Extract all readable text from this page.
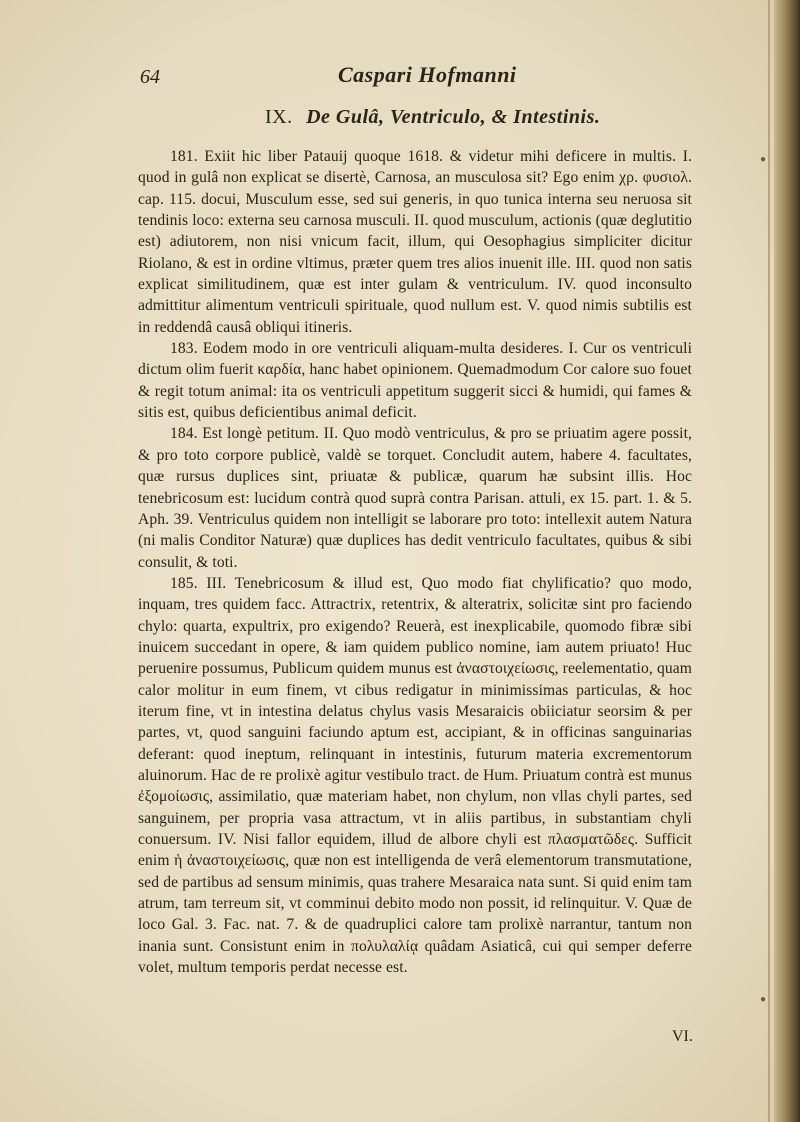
64	Caspari Hofmanni
IX. De Gulâ, Ventriculo, & Intestinis.

181. Exiit hic liber Patauij quoque 1618. & videtur mihi deficere in multis. I. quod in gulâ non explicat se disertè, Carnosa, an musculosa sit? Ego enim χρ. φυσιολ. cap. 115. docui, Musculum esse, sed sui generis, in quo tunica interna seu neruosa sit tendinis loco: externa seu carnosa musculi. II. quod musculum, actionis (quæ deglutitio est) adiutorem, non nisi vnicum facit, illum, qui Oesophagius simpliciter dicitur Riolano, & est in ordine vltimus, præter quem tres alios inuenit ille. III. quod non satis explicat similitudinem, quæ est inter gulam & ventriculum. IV. quod inconsulto admittitur alimentum ventriculi spirituale, quod nullum est. V. quod nimis subtilis est in reddendâ causâ obliqui itineris.

183. Eodem modo in ore ventriculi aliquam-multa desideres. I. Cur os ventriculi dictum olim fuerit καρδία, hanc habet opinionem. Quemadmodum Cor calore suo fouet & regit totum animal: ita os ventriculi appetitum suggerit sicci & humidi, qui fames & sitis est, quibus deficientibus animal deficit.

184. Est longè petitum. II. Quo modò ventriculus, & pro se priuatim agere possit, & pro toto corpore publicè, valdè se torquet. Concludit autem, habere 4. facultates, quæ rursus duplices sint, priuatæ & publicæ, quarum hæ subsint illis. Hoc tenebricosum est: lucidum contrà quod suprà contra Parisan. attuli, ex 15. part. 1. & 5. Aph. 39. Ventriculus quidem non intelligit se laborare pro toto: intellexit autem Natura (ni malis Conditor Naturæ) quæ duplices has dedit ventriculo facultates, quibus & sibi consulit, & toti.

185. III. Tenebricosum & illud est, Quo modo fiat chylificatio? quo modo, inquam, tres quidem facc. Attractrix, retentrix, & alteratrix, solicitæ sint pro faciendo chylo: quarta, expultrix, pro exigendo? Reuerà, est inexplicabile, quomodo fibræ sibi inuicem succedant in opere, & iam quidem publico nomine, iam autem priuato! Huc peruenire possumus, Publicum quidem munus est ἀναστοιχείωσις, reelementatio, quam calor molitur in eum finem, vt cibus redigatur in minimissimas particulas, & hoc iterum fine, vt in intestina delatus chylus vasis Mesaraicis obiiciatur seorsim & per partes, vt, quod sanguini faciundo aptum est, accipiant, & in officinas sanguinarias deferant: quod ineptum, relinquant in intestinis, futurum materia excrementorum aluinorum. Hac de re prolixè agitur vestibulo tract. de Hum. Priuatum contrà est munus ἐξομοίωσις, assimilatio, quæ materiam habet, non chylum, non vllas chyli partes, sed sanguinem, per propria vasa attractum, vt in aliis partibus, in substantiam chyli conuersum. IV. Nisi fallor equidem, illud de albore chyli est πλασματῶδες. Sufficit enim ἡ ἀναστοιχείωσις, quæ non est intelligenda de verâ elementorum transmutatione, sed de partibus ad sensum minimis, quas trahere Mesaraica nata sunt. Si quid enim tam atrum, tam terreum sit, vt comminui debito modo non possit, id relinquitur. V. Quæ de loco Gal. 3. Fac. nat. 7. & de quadruplici calore tam prolixè narrantur, tantum non inania sunt. Consistunt enim in πολυλαλίᾳ quâdam Asiaticâ, cui qui semper deferre volet, multum temporis perdat necesse est.

VI.
●
●
